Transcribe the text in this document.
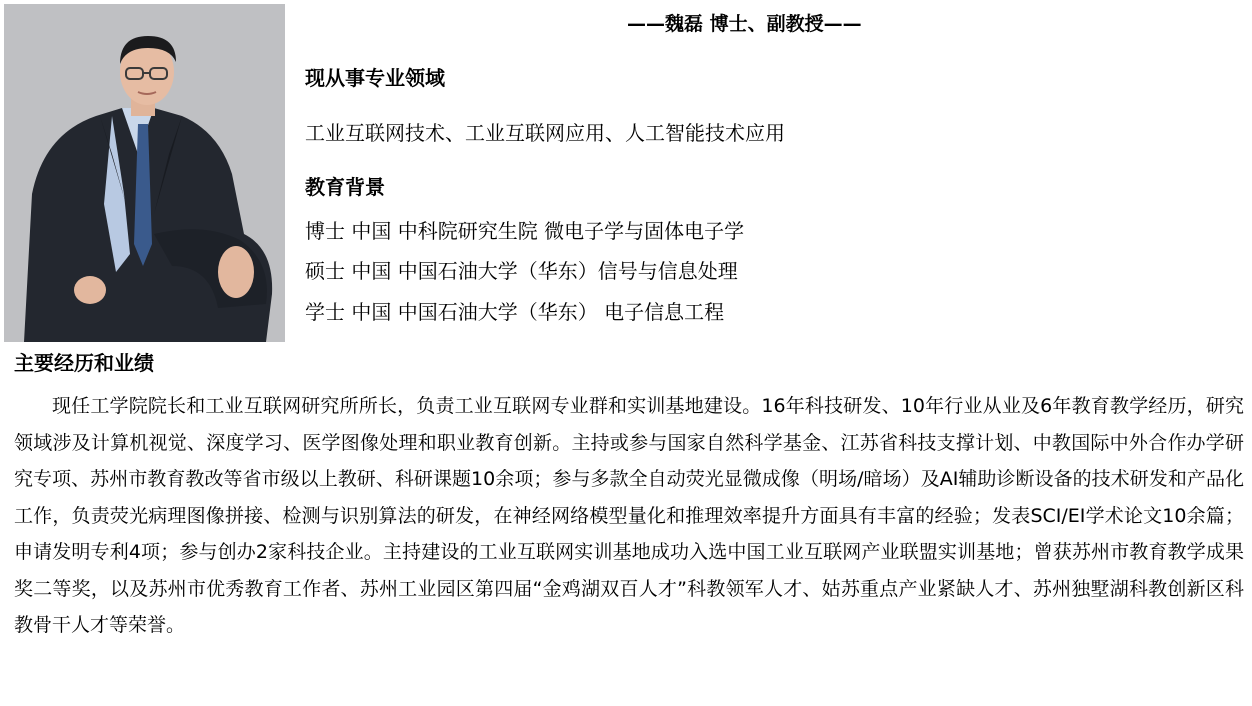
——魏磊 博士、副教授——
现从事专业领域
工业互联网技术、工业互联网应用、人工智能技术应用
教育背景
博士 中国 中科院研究生院 微电子学与固体电子学
硕士 中国 中国石油大学（华东）信号与信息处理
学士 中国 中国石油大学（华东） 电子信息工程
主要经历和业绩

现任工学院院长和工业互联网研究所所长，负责工业互联网专业群和实训基地建设。16年科技研发、10年行业从业及6年教育教学经历，研究领域涉及计算机视觉、深度学习、医学图像处理和职业教育创新。主持或参与国家自然科学基金、江苏省科技支撑计划、中教国际中外合作办学研究专项、苏州市教育教改等省市级以上教研、科研课题10余项；参与多款全自动荧光显微成像（明场/暗场）及AI辅助诊断设备的技术研发和产品化工作，负责荧光病理图像拼接、检测与识别算法的研发，在神经网络模型量化和推理效率提升方面具有丰富的经验；发表SCI/EI学术论文10余篇；申请发明专利4项；参与创办2家科技企业。主持建设的工业互联网实训基地成功入选中国工业互联网产业联盟实训基地；曾获苏州市教育教学成果奖二等奖，以及苏州市优秀教育工作者、苏州工业园区第四届“金鸡湖双百人才”科教领军人才、姑苏重点产业紧缺人才、苏州独墅湖科教创新区科教骨干人才等荣誉。
